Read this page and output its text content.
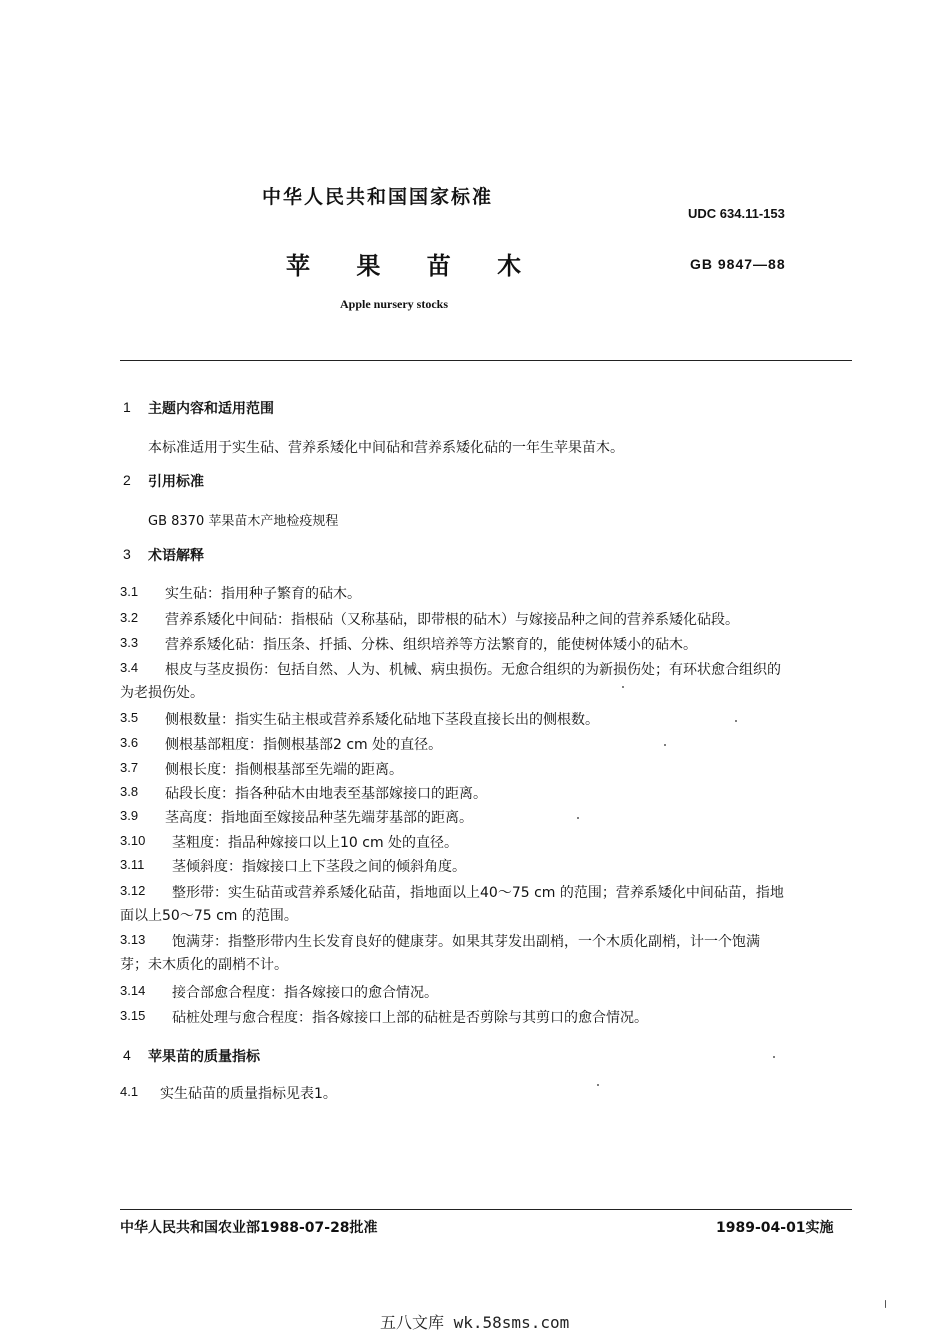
中华人民共和国国家标准
UDC 634.11-153
苹 果 苗 木	GB 9847—88
Apple nursery stocks
1 主题内容和适用范围
本标准适用于实生砧、营养系矮化中间砧和营养系矮化砧的一年生苹果苗木。
2 引用标准
GB 8370 苹果苗木产地检疫规程
3 术语解释
3.1 实生砧：指用种子繁育的砧木。
3.2 营养系矮化中间砧：指根砧（又称基砧，即带根的砧木）与嫁接品种之间的营养系矮化砧段。
3.3 营养系矮化砧：指压条、扦插、分株、组织培养等方法繁育的，能使树体矮小的砧木。
3.4 根皮与茎皮损伤：包括自然、人为、机械、病虫损伤。无愈合组织的为新损伤处；有环状愈合组织的
为老损伤处。
3.5 侧根数量：指实生砧主根或营养系矮化砧地下茎段直接长出的侧根数。
3.6 侧根基部粗度：指侧根基部2 cm 处的直径。
3.7 侧根长度：指侧根基部至先端的距离。
3.8 砧段长度：指各种砧木由地表至基部嫁接口的距离。
3.9 茎高度：指地面至嫁接品种茎先端芽基部的距离。
3.10 茎粗度：指品种嫁接口以上10 cm 处的直径。
3.11 茎倾斜度：指嫁接口上下茎段之间的倾斜角度。
3.12 整形带：实生砧苗或营养系矮化砧苗，指地面以上40～75 cm 的范围；营养系矮化中间砧苗，指地
面以上50～75 cm 的范围。
3.13 饱满芽：指整形带内生长发育良好的健康芽。如果其芽发出副梢，一个木质化副梢，计一个饱满
芽；未木质化的副梢不计。
3.14 接合部愈合程度：指各嫁接口的愈合情况。
3.15 砧桩处理与愈合程度：指各嫁接口上部的砧桩是否剪除与其剪口的愈合情况。
4 苹果苗的质量指标
4.1 实生砧苗的质量指标见表1。
中华人民共和国农业部1988-07-28批准	1989-04-01实施
五八文库 wk.58sms.com
